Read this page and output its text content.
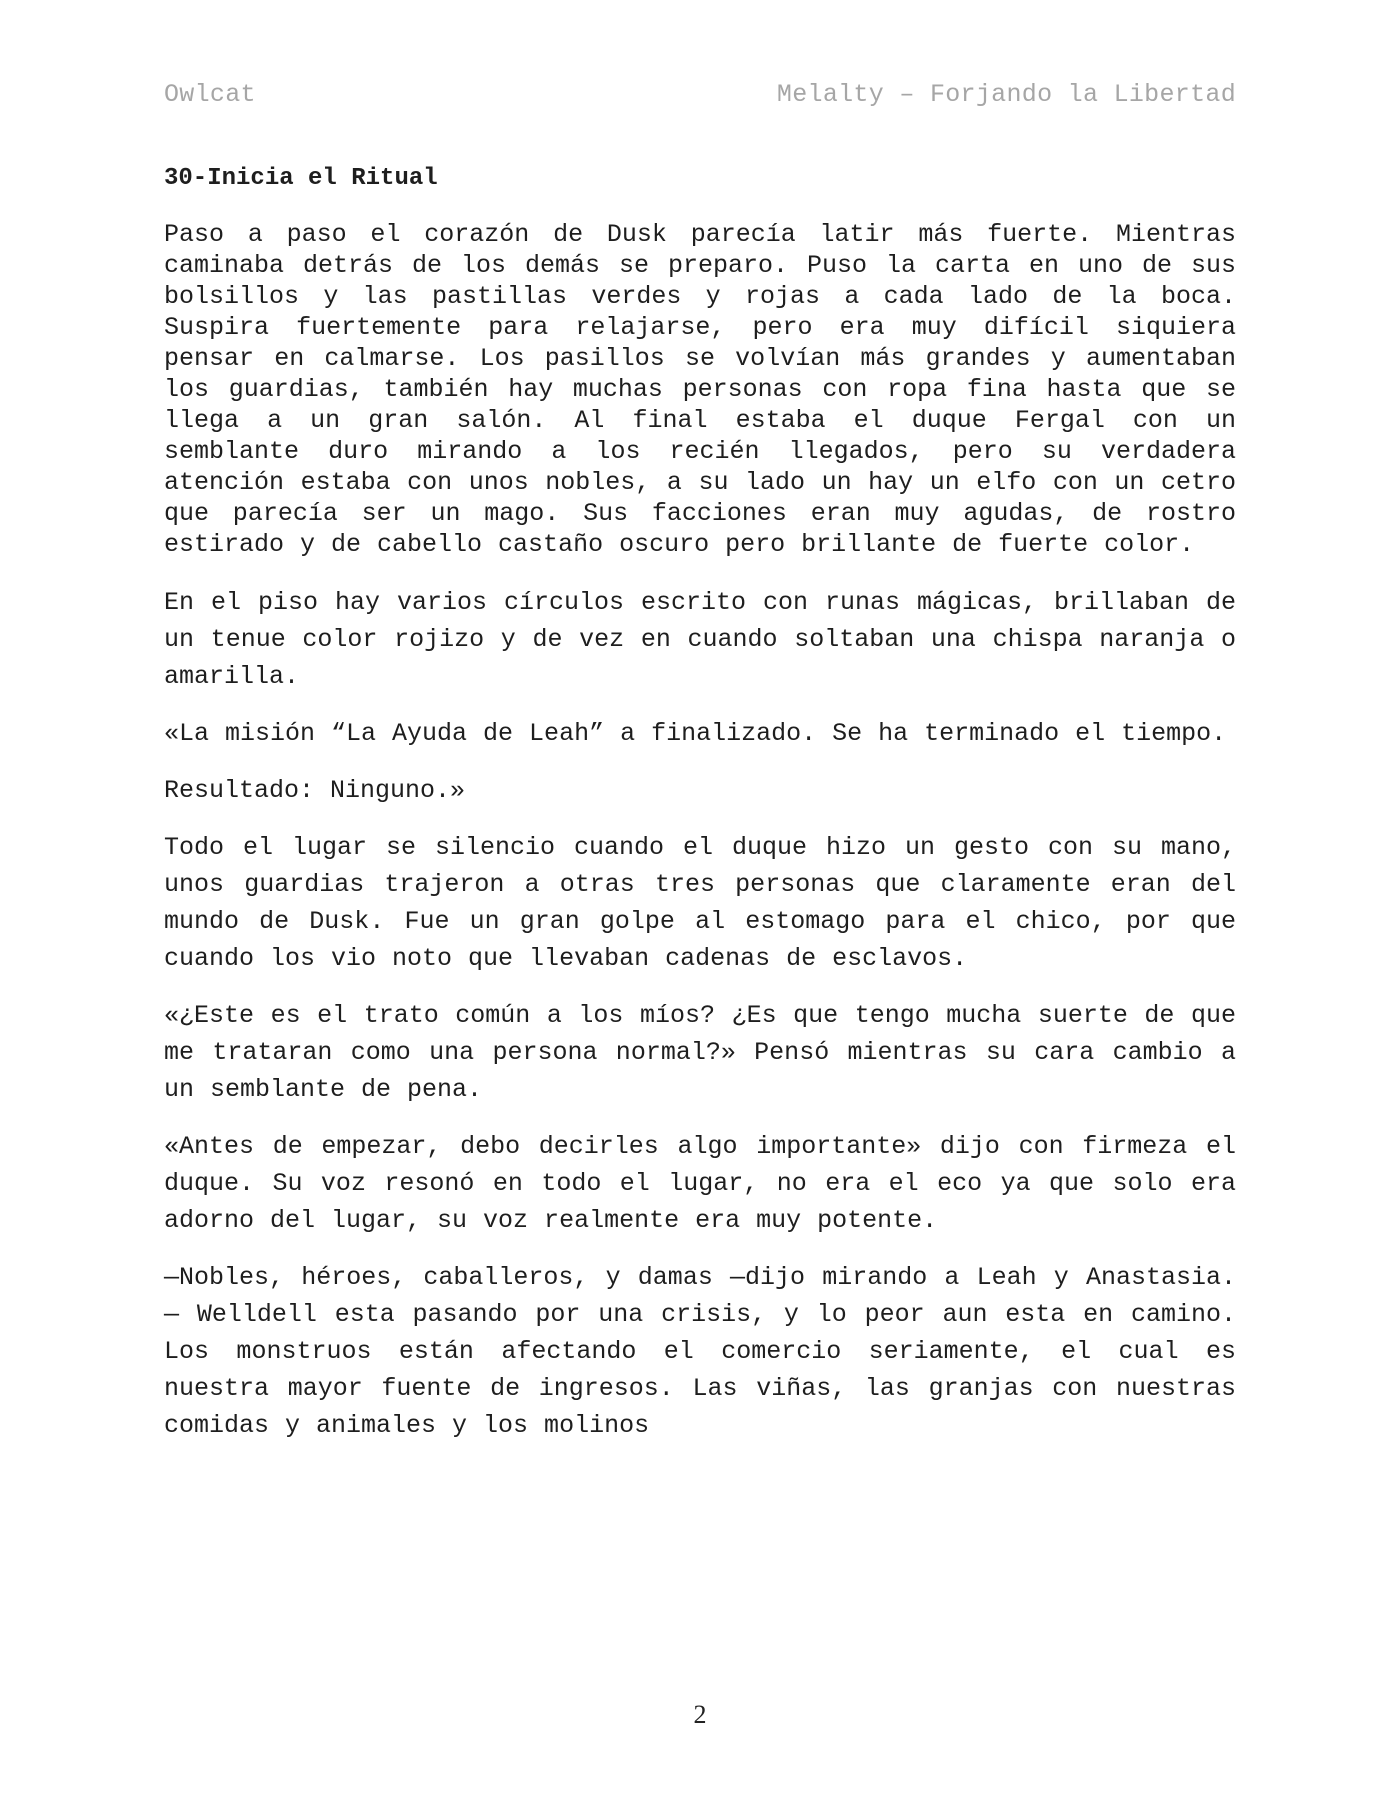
Owlcat	Melalty – Forjando la Libertad
30-Inicia el Ritual

Paso a paso el corazón de Dusk parecía latir más fuerte. Mientras caminaba detrás de los demás se preparo. Puso la carta en uno de sus bolsillos y las pastillas verdes y rojas a cada lado de la boca. Suspira fuertemente para relajarse, pero era muy difícil siquiera pensar en calmarse. Los pasillos se volvían más grandes y aumentaban los guardias, también hay muchas personas con ropa fina hasta que se llega a un gran salón. Al final estaba el duque Fergal con un semblante duro mirando a los recién llegados, pero su verdadera atención estaba con unos nobles, a su lado un hay un elfo con un cetro que parecía ser un mago. Sus facciones eran muy agudas, de rostro estirado y de cabello castaño oscuro pero brillante de fuerte color.

En el piso hay varios círculos escrito con runas mágicas, brillaban de un tenue color rojizo y de vez en cuando soltaban una chispa naranja o amarilla.

«La misión “La Ayuda de Leah” a finalizado. Se ha terminado el tiempo.

Resultado: Ninguno.»

Todo el lugar se silencio cuando el duque hizo un gesto con su mano, unos guardias trajeron a otras tres personas que claramente eran del mundo de Dusk. Fue un gran golpe al estomago para el chico, por que cuando los vio noto que llevaban cadenas de esclavos.

«¿Este es el trato común a los míos? ¿Es que tengo mucha suerte de que me trataran como una persona normal?» Pensó mientras su cara cambio a un semblante de pena.

«Antes de empezar, debo decirles algo importante» dijo con firmeza el duque. Su voz resonó en todo el lugar, no era el eco ya que solo era adorno del lugar, su voz realmente era muy potente.

—Nobles, héroes, caballeros, y damas —dijo mirando a Leah y Anastasia.— Welldell esta pasando por una crisis, y lo peor aun esta en camino. Los monstruos están afectando el comercio seriamente, el cual es nuestra mayor fuente de ingresos. Las viñas, las granjas con nuestras comidas y animales y los molinos

2
